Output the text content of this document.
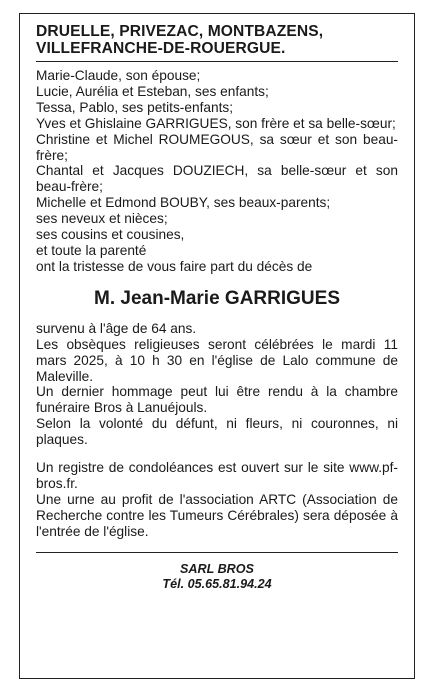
DRUELLE, PRIVEZAC, MONTBAZENS,
VILLEFRANCHE-DE-ROUERGUE.
Marie-Claude, son épouse;
Lucie, Aurélia et Esteban, ses enfants;
Tessa, Pablo, ses petits-enfants;
Yves et Ghislaine GARRIGUES, son frère et sa belle-sœur;
Christine et Michel ROUMEGOUS, sa sœur et son beau-frère;
Chantal et Jacques DOUZIECH, sa belle-sœur et son beau-frère;
Michelle et Edmond BOUBY, ses beaux-parents;
ses neveux et nièces;
ses cousins et cousines,
et toute la parenté
ont la tristesse de vous faire part du décès de
M. Jean-Marie GARRIGUES

survenu à l'âge de 64 ans.

Les obsèques religieuses seront célébrées le mardi 11 mars 2025, à 10 h 30 en l'église de Lalo commune de Maleville.

Un dernier hommage peut lui être rendu à la chambre funéraire Bros à Lanuéjouls.

Selon la volonté du défunt, ni fleurs, ni couronnes, ni plaques.

Un registre de condoléances est ouvert sur le site www.pf-bros.fr.

Une urne au profit de l'association ARTC (Association de Recherche contre les Tumeurs Cérébrales) sera déposée à l'entrée de l'église.

SARL BROS
Tél. 05.65.81.94.24
